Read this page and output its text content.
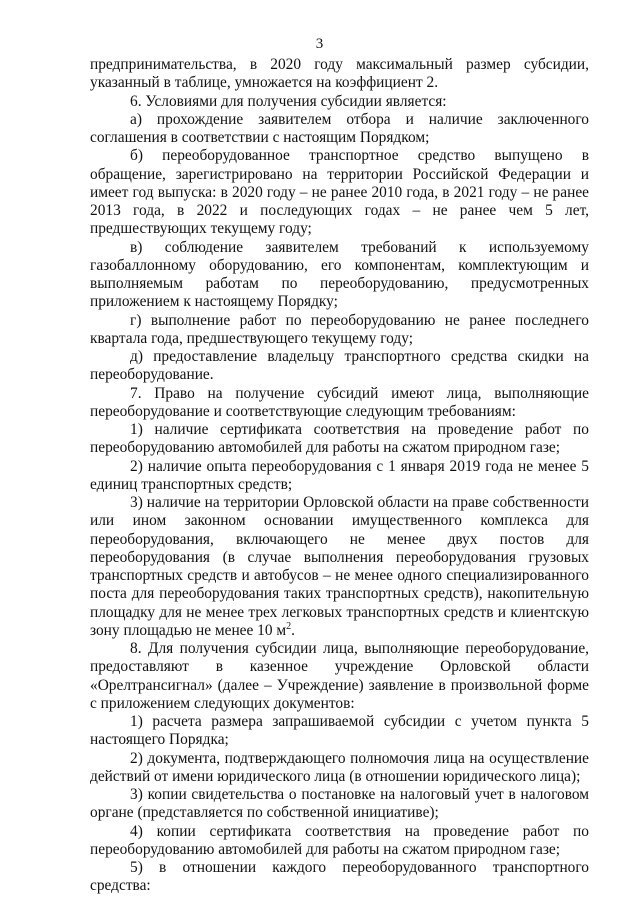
3

предпринимательства, в 2020 году максимальный размер субсидии, указанный в таблице, умножается на коэффициент 2.

6. Условиями для получения субсидии является:

а) прохождение заявителем отбора и наличие заключенного соглашения в соответствии с настоящим Порядком;

б) переоборудованное транспортное средство выпущено в обращение, зарегистрировано на территории Российской Федерации и имеет год выпуска: в 2020 году – не ранее 2010 года, в 2021 году – не ранее 2013 года, в 2022 и последующих годах – не ранее чем 5 лет, предшествующих текущему году;

в) соблюдение заявителем требований к используемому газобаллонному оборудованию, его компонентам, комплектующим и выполняемым работам по переоборудованию, предусмотренных приложением к настоящему Порядку;

г) выполнение работ по переоборудованию не ранее последнего квартала года, предшествующего текущему году;

д) предоставление владельцу транспортного средства скидки на переоборудование.

7. Право на получение субсидий имеют лица, выполняющие переоборудование и соответствующие следующим требованиям:

1) наличие сертификата соответствия на проведение работ по переоборудованию автомобилей для работы на сжатом природном газе;

2) наличие опыта переоборудования с 1 января 2019 года не менее 5 единиц транспортных средств;

3) наличие на территории Орловской области на праве собственности или ином законном основании имущественного комплекса для переоборудования, включающего не менее двух постов для переоборудования (в случае выполнения переоборудования грузовых транспортных средств и автобусов – не менее одного специализированного поста для переоборудования таких транспортных средств), накопительную площадку для не менее трех легковых транспортных средств и клиентскую зону площадью не менее 10 $м^2$.

8. Для получения субсидии лица, выполняющие переоборудование, предоставляют в казенное учреждение Орловской области «Орелтрансигнал» (далее – Учреждение) заявление в произвольной форме с приложением следующих документов:

1) расчета размера запрашиваемой субсидии с учетом пункта 5 настоящего Порядка;

2) документа, подтверждающего полномочия лица на осуществление действий от имени юридического лица (в отношении юридического лица);

3) копии свидетельства о постановке на налоговый учет в налоговом органе (представляется по собственной инициативе);

4) копии сертификата соответствия на проведение работ по переоборудованию автомобилей для работы на сжатом природном газе;

5) в отношении каждого переоборудованного транспортного средства:
